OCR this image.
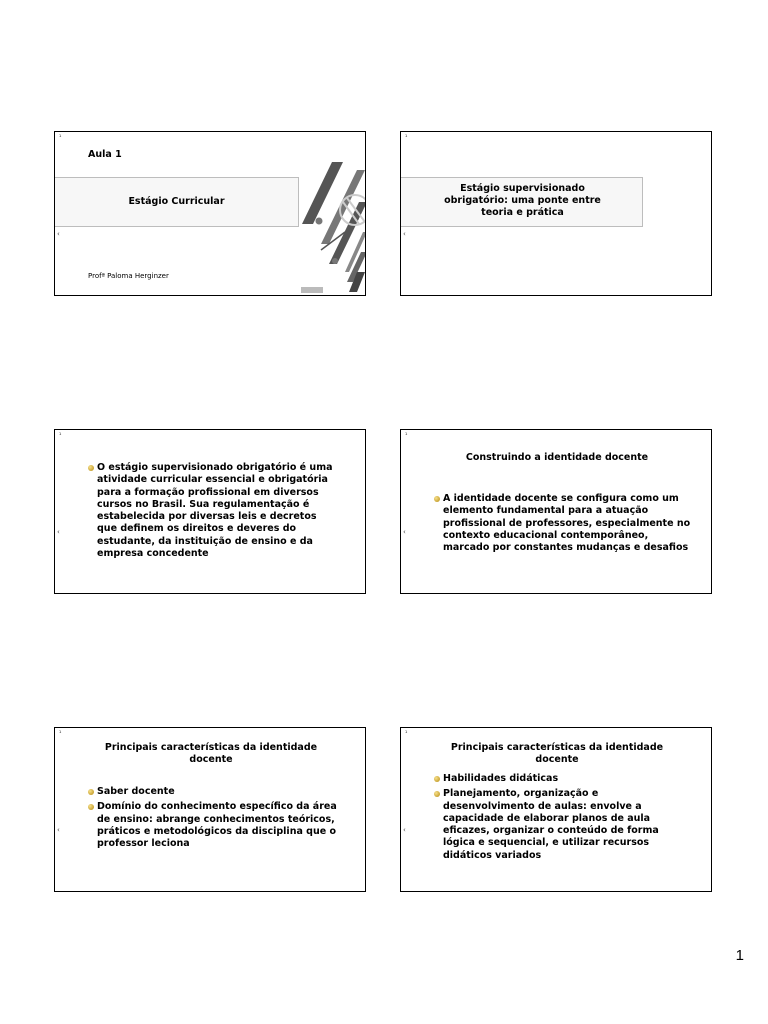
¹
‹
Aula 1
Estágio Curricular
Profª Paloma Herginzer
¹
‹
Estágio supervisionado
obrigatório: uma ponte entre
teoria e prática
¹
‹
O estágio supervisionado obrigatório é uma atividade curricular essencial e obrigatória para a formação profissional em diversos cursos no Brasil. Sua regulamentação é estabelecida por diversas leis e decretos que definem os direitos e deveres do estudante, da instituição de ensino e da empresa concedente
¹
‹
Construindo a identidade docente
A identidade docente se configura como um elemento fundamental para a atuação profissional de professores, especialmente no contexto educacional contemporâneo, marcado por constantes mudanças e desafios
¹
‹
Principais características da identidade
docente
Saber docente
Domínio do conhecimento específico da área de ensino: abrange conhecimentos teóricos, práticos e metodológicos da disciplina que o professor leciona
¹
‹
Principais características da identidade
docente
Habilidades didáticas
Planejamento, organização e desenvolvimento de aulas: envolve a capacidade de elaborar planos de aula eficazes, organizar o conteúdo de forma lógica e sequencial, e utilizar recursos didáticos variados
1
